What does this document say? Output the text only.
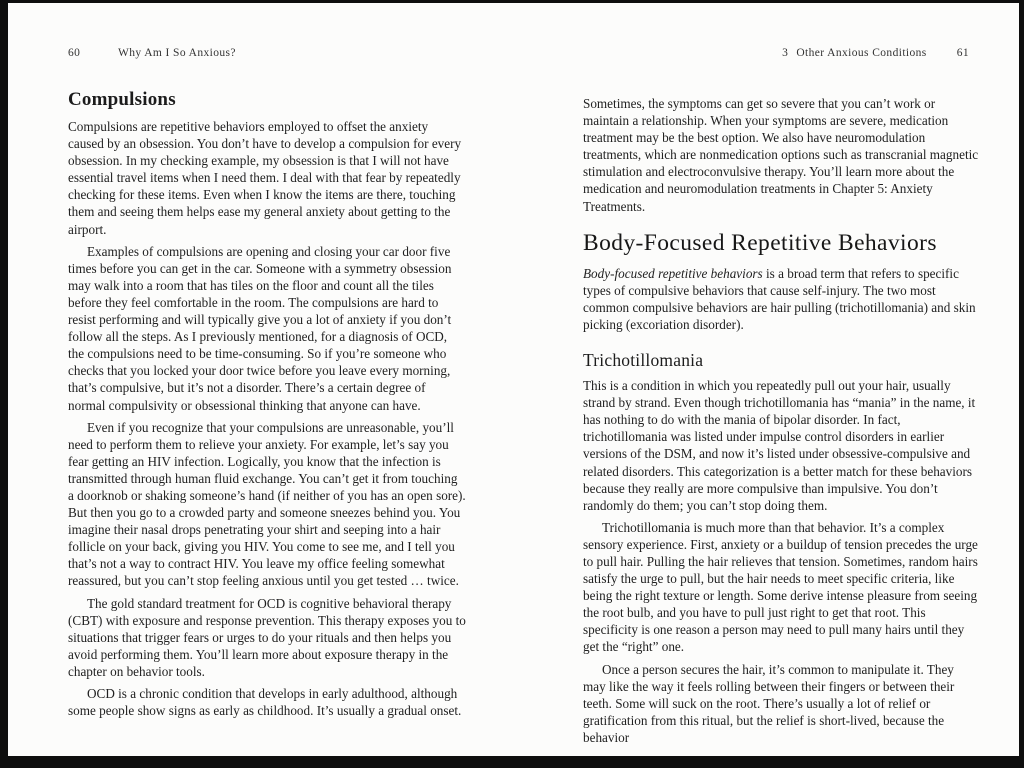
60	Why Am I So Anxious?	3 Other Anxious Conditions	61
Compulsions

Compulsions are repetitive behaviors employed to offset the anxiety caused by an obsession. You don’t have to develop a compulsion for every obsession. In my checking example, my obsession is that I will not have essential travel items when I need them. I deal with that fear by repeatedly checking for these items. Even when I know the items are there, touching them and seeing them helps ease my general anxiety about getting to the airport.

Examples of compulsions are opening and closing your car door five times before you can get in the car. Someone with a symmetry obsession may walk into a room that has tiles on the floor and count all the tiles before they feel comfortable in the room. The compulsions are hard to resist performing and will typically give you a lot of anxiety if you don’t follow all the steps. As I previously mentioned, for a diagnosis of OCD, the compulsions need to be time-consuming. So if you’re someone who checks that you locked your door twice before you leave every morning, that’s compulsive, but it’s not a disorder. There’s a certain degree of normal compulsivity or obsessional thinking that anyone can have.

Even if you recognize that your compulsions are unreasonable, you’ll need to perform them to relieve your anxiety. For example, let’s say you fear getting an HIV infection. Logically, you know that the infection is transmitted through human fluid exchange. You can’t get it from touching a doorknob or shaking someone’s hand (if neither of you has an open sore). But then you go to a crowded party and someone sneezes behind you. You imagine their nasal drops penetrating your shirt and seeping into a hair follicle on your back, giving you HIV. You come to see me, and I tell you that’s not a way to contract HIV. You leave my office feeling somewhat reassured, but you can’t stop feeling anxious until you get tested … twice.

The gold standard treatment for OCD is cognitive behavioral therapy (CBT) with exposure and response prevention. This therapy exposes you to situations that trigger fears or urges to do your rituals and then helps you avoid performing them. You’ll learn more about exposure therapy in the chapter on behavior tools.

OCD is a chronic condition that develops in early adulthood, although some people show signs as early as childhood. It’s usually a gradual onset.

Sometimes, the symptoms can get so severe that you can’t work or maintain a relationship. When your symptoms are severe, medication treatment may be the best option. We also have neuromodulation treatments, which are nonmedication options such as transcranial magnetic stimulation and electroconvulsive therapy. You’ll learn more about the medication and neuromodulation treatments in Chapter 5: Anxiety Treatments.

Body-Focused Repetitive Behaviors

Body-focused repetitive behaviors is a broad term that refers to specific types of compulsive behaviors that cause self-injury. The two most common compulsive behaviors are hair pulling (trichotillomania) and skin picking (excoriation disorder).

Trichotillomania

This is a condition in which you repeatedly pull out your hair, usually strand by strand. Even though trichotillomania has “mania” in the name, it has nothing to do with the mania of bipolar disorder. In fact, trichotillomania was listed under impulse control disorders in earlier versions of the DSM, and now it’s listed under obsessive-compulsive and related disorders. This categorization is a better match for these behaviors because they really are more compulsive than impulsive. You don’t randomly do them; you can’t stop doing them.

Trichotillomania is much more than that behavior. It’s a complex sensory experience. First, anxiety or a buildup of tension precedes the urge to pull hair. Pulling the hair relieves that tension. Sometimes, random hairs satisfy the urge to pull, but the hair needs to meet specific criteria, like being the right texture or length. Some derive intense pleasure from seeing the root bulb, and you have to pull just right to get that root. This specificity is one reason a person may need to pull many hairs until they get the “right” one.

Once a person secures the hair, it’s common to manipulate it. They may like the way it feels rolling between their fingers or between their teeth. Some will suck on the root. There’s usually a lot of relief or gratification from this ritual, but the relief is short-lived, because the behavior
